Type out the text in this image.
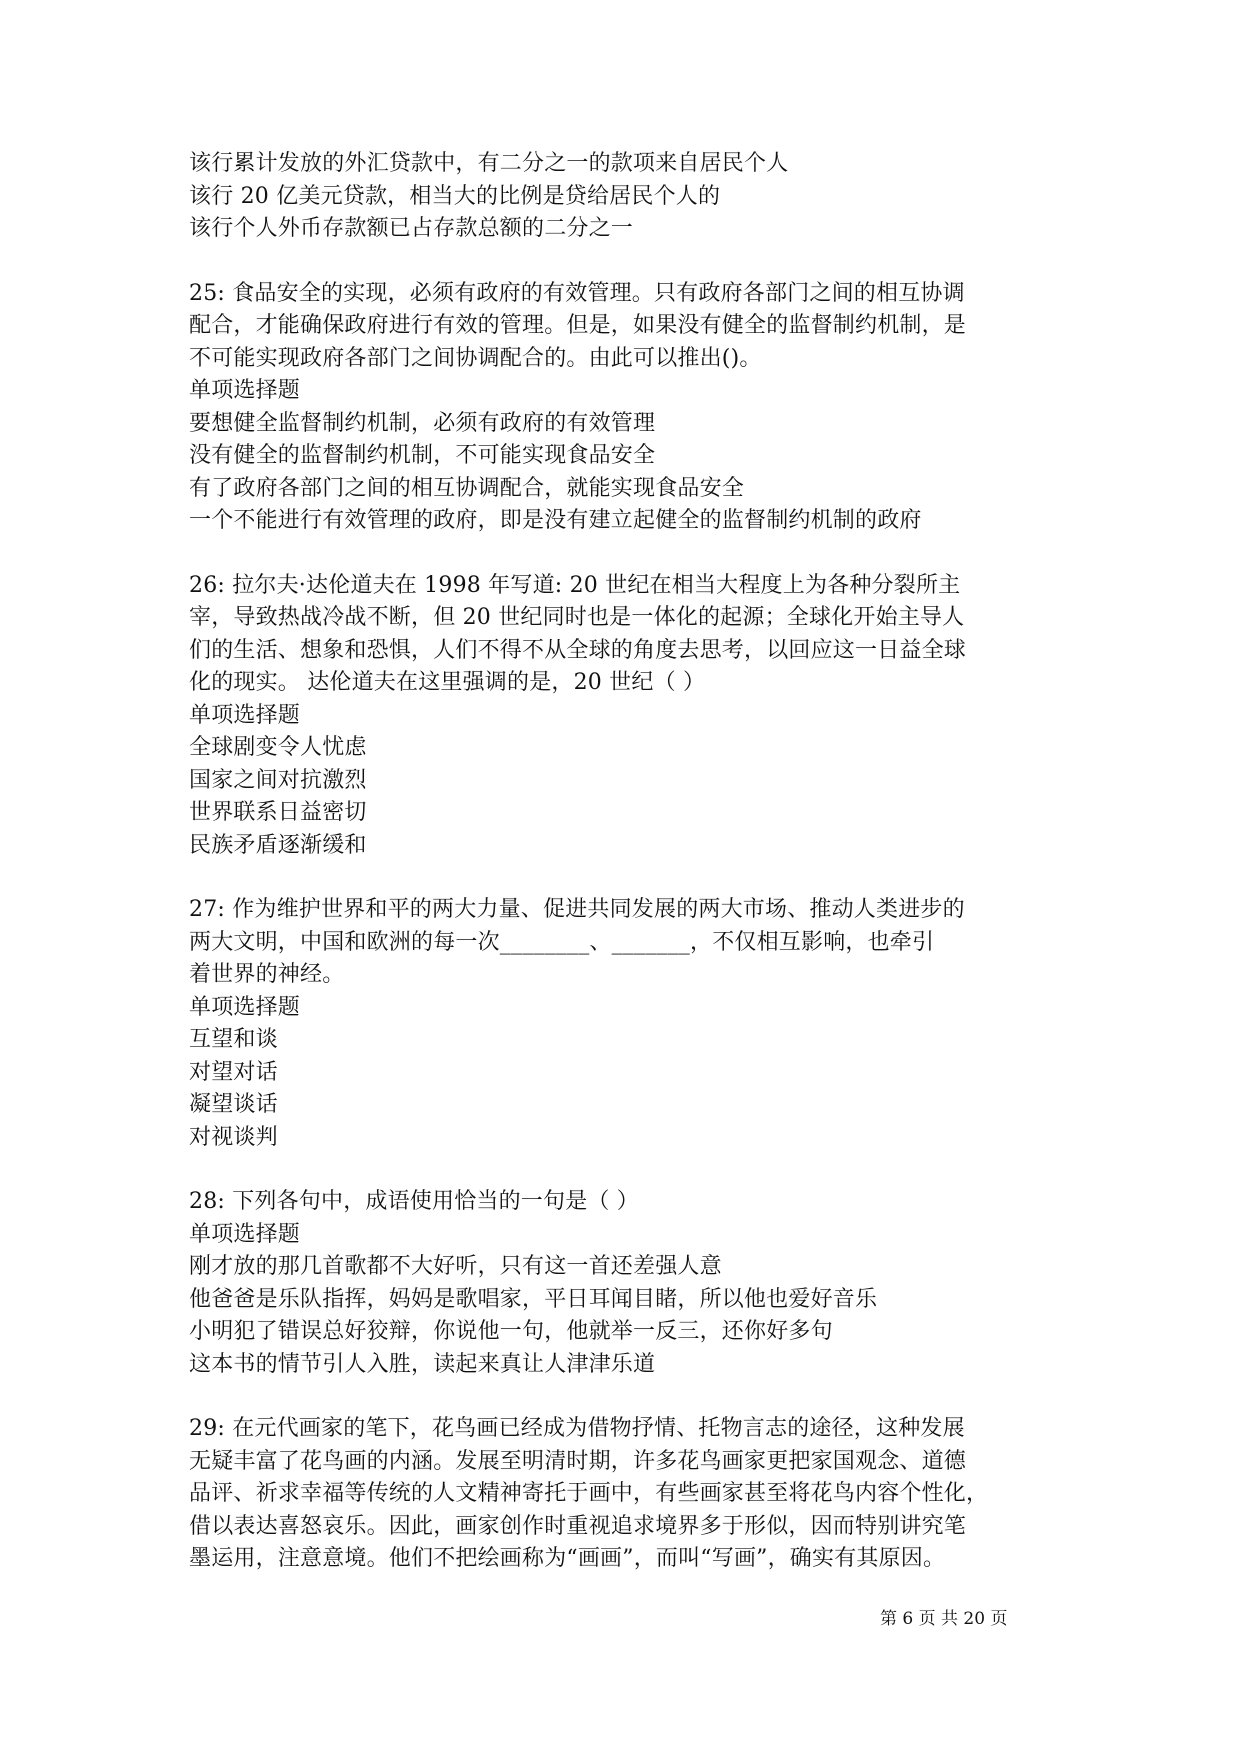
该行累计发放的外汇贷款中，有二分之一的款项来自居民个人
该行 20 亿美元贷款，相当大的比例是贷给居民个人的
该行个人外币存款额已占存款总额的二分之一
25: 食品安全的实现，必须有政府的有效管理。只有政府各部门之间的相互协调
配合，才能确保政府进行有效的管理。但是，如果没有健全的监督制约机制，是
不可能实现政府各部门之间协调配合的。由此可以推出()。
单项选择题
要想健全监督制约机制，必须有政府的有效管理
没有健全的监督制约机制，不可能实现食品安全
有了政府各部门之间的相互协调配合，就能实现食品安全
一个不能进行有效管理的政府，即是没有建立起健全的监督制约机制的政府
26: 拉尔夫·达伦道夫在 1998 年写道: 20 世纪在相当大程度上为各种分裂所主
宰，导致热战冷战不断，但 20 世纪同时也是一体化的起源；全球化开始主导人
们的生活、想象和恐惧，人们不得不从全球的角度去思考，以回应这一日益全球
化的现实。 达伦道夫在这里强调的是，20 世纪（ ）
单项选择题
全球剧变令人忧虑
国家之间对抗激烈
世界联系日益密切
民族矛盾逐渐缓和
27: 作为维护世界和平的两大力量、促进共同发展的两大市场、推动人类进步的
两大文明，中国和欧洲的每一次________、_______，不仅相互影响，也牵引
着世界的神经。
单项选择题
互望和谈
对望对话
凝望谈话
对视谈判
28: 下列各句中，成语使用恰当的一句是（ ）
单项选择题
刚才放的那几首歌都不大好听，只有这一首还差强人意
他爸爸是乐队指挥，妈妈是歌唱家，平日耳闻目睹，所以他也爱好音乐
小明犯了错误总好狡辩，你说他一句，他就举一反三，还你好多句
这本书的情节引人入胜，读起来真让人津津乐道
29: 在元代画家的笔下，花鸟画已经成为借物抒情、托物言志的途径，这种发展
无疑丰富了花鸟画的内涵。发展至明清时期，许多花鸟画家更把家国观念、道德
品评、祈求幸福等传统的人文精神寄托于画中，有些画家甚至将花鸟内容个性化，
借以表达喜怒哀乐。因此，画家创作时重视追求境界多于形似，因而特别讲究笔
墨运用，注意意境。他们不把绘画称为“画画”，而叫“写画”，确实有其原因。
第 6 页 共 20 页
